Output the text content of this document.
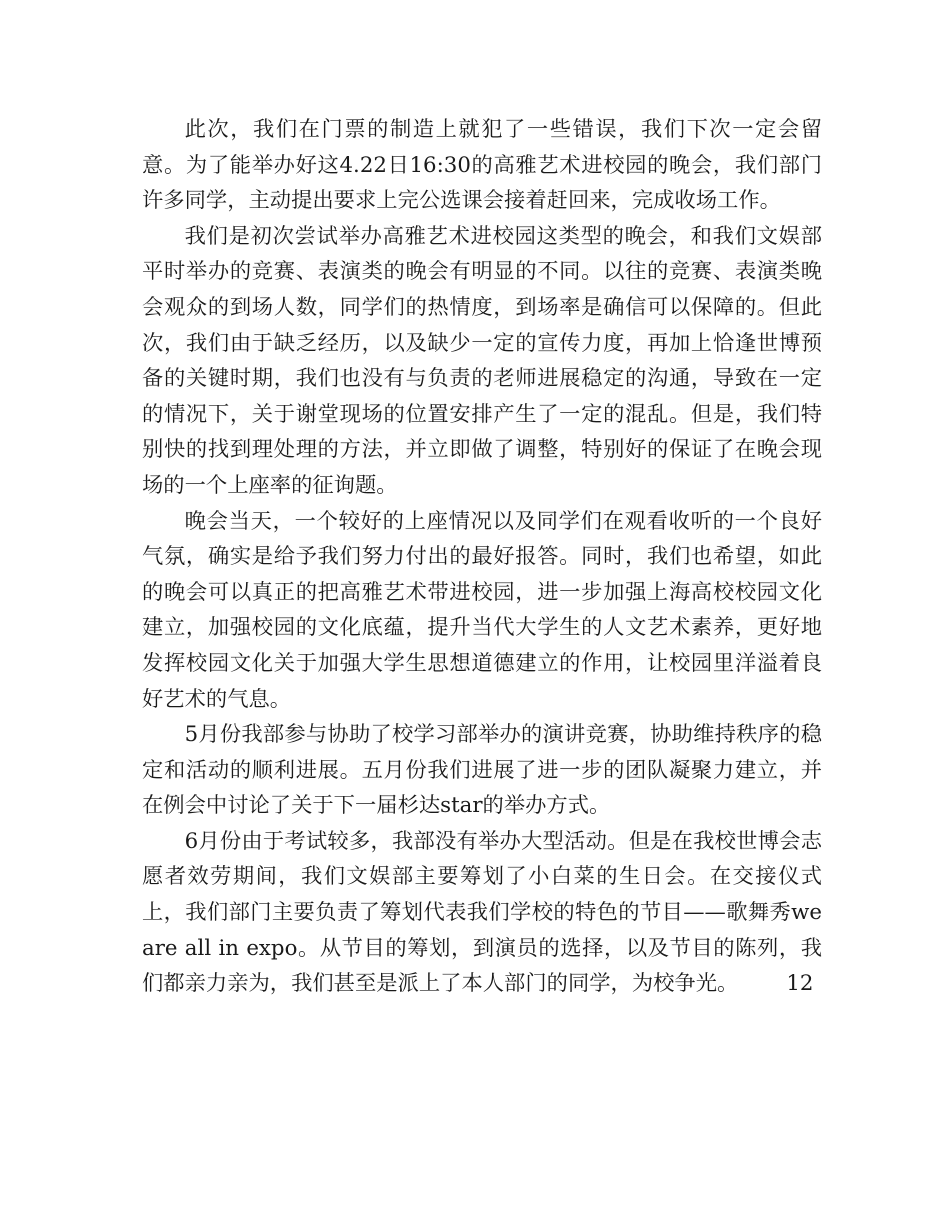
此次，我们在门票的制造上就犯了一些错误，我们下次一定会留意。为了能举办好这4.22日16:30的高雅艺术进校园的晚会，我们部门许多同学，主动提出要求上完公选课会接着赶回来，完成收场工作。

我们是初次尝试举办高雅艺术进校园这类型的晚会，和我们文娱部平时举办的竞赛、表演类的晚会有明显的不同。以往的竞赛、表演类晚会观众的到场人数，同学们的热情度，到场率是确信可以保障的。但此次，我们由于缺乏经历，以及缺少一定的宣传力度，再加上恰逢世博预备的关键时期，我们也没有与负责的老师进展稳定的沟通，导致在一定的情况下，关于谢堂现场的位置安排产生了一定的混乱。但是，我们特别快的找到理处理的方法，并立即做了调整，特别好的保证了在晚会现场的一个上座率的征询题。

晚会当天，一个较好的上座情况以及同学们在观看收听的一个良好气氛，确实是给予我们努力付出的最好报答。同时，我们也希望，如此的晚会可以真正的把高雅艺术带进校园，进一步加强上海高校校园文化建立，加强校园的文化底蕴，提升当代大学生的人文艺术素养，更好地发挥校园文化关于加强大学生思想道德建立的作用，让校园里洋溢着良好艺术的气息。

5月份我部参与协助了校学习部举办的演讲竞赛，协助维持秩序的稳定和活动的顺利进展。五月份我们进展了进一步的团队凝聚力建立，并在例会中讨论了关于下一届杉达star的举办方式。

6月份由于考试较多，我部没有举办大型活动。但是在我校世博会志愿者效劳期间，我们文娱部主要筹划了小白菜的生日会。在交接仪式上，我们部门主要负责了筹划代表我们学校的特色的节目——歌舞秀we are all in expo。从节目的筹划，到演员的选择，以及节目的陈列，我们都亲力亲为，我们甚至是派上了本人部门的同学，为校争光。 12
